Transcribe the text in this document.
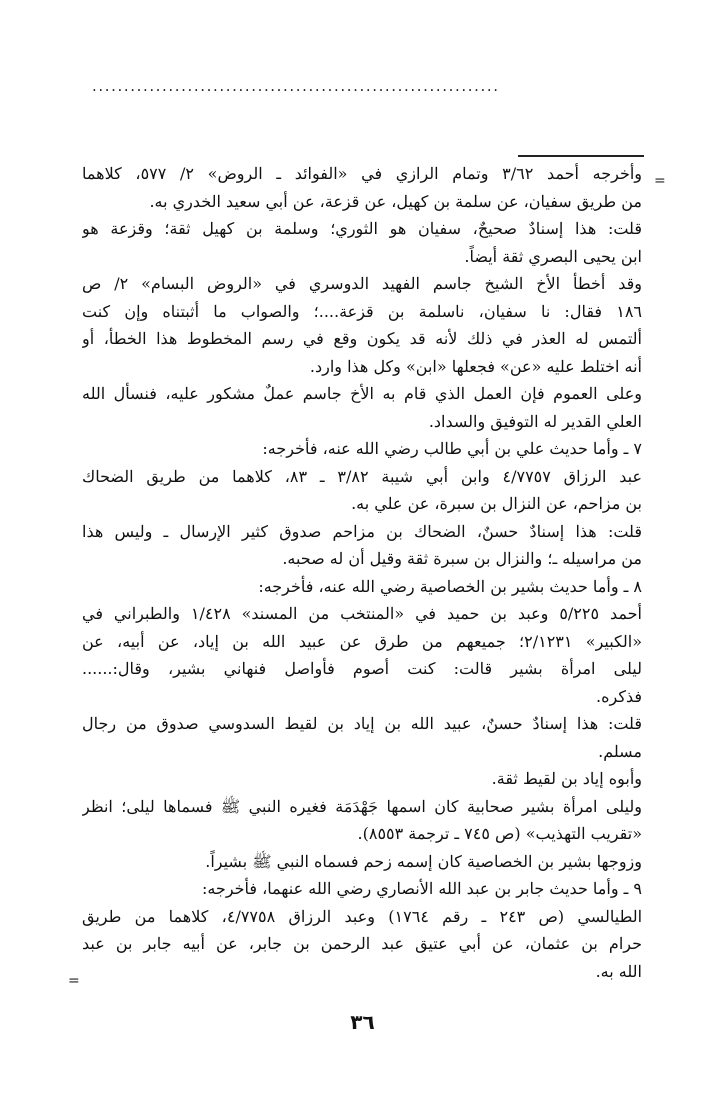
................................................................
=
وأخرجه أحمد ٣/٦٢ وتمام الرازي في «الفوائد ـ الروض» ٢/ ٥٧٧، كلاهما
من طريق سفيان، عن سلمة بن كهيل، عن قزعة، عن أبي سعيد الخدري به.
قلت: هذا إسنادٌ صحيحٌ، سفيان هو الثوري؛ وسلمة بن كهيل ثقة؛ وقزعة هو
ابن يحيى البصري ثقة أيضاً.
وقد أخطأ الأخ الشيخ جاسم الفهيد الدوسري في «الروض البسام» ٢/ ص
١٨٦ فقال: نا سفيان، ناسلمة بن قزعة....؛ والصواب ما أثبتناه وإن كنت
ألتمس له العذر في ذلك لأنه قد يكون وقع في رسم المخطوط هذا الخطأ، أو
أنه اختلط عليه «عن» فجعلها «ابن» وكل هذا وارد.
وعلى العموم فإن العمل الذي قام به الأخ جاسم عملٌ مشكور عليه، فنسأل الله
العلي القدير له التوفيق والسداد.
٧ ـ وأما حديث علي بن أبي طالب رضي الله عنه، فأخرجه:
عبد الرزاق ٤/٧٧٥٧ وابن أبي شيبة ٣/٨٢ ـ ٨٣، كلاهما من طريق الضحاك
بن مزاحم، عن النزال بن سبرة، عن علي به.
قلت: هذا إسنادٌ حسنٌ، الضحاك بن مزاحم صدوق كثير الإرسال ـ وليس هذا
من مراسيله ـ؛ والنزال بن سبرة ثقة وقيل أن له صحبه.
٨ ـ وأما حديث بشير بن الخصاصية رضي الله عنه، فأخرجه:
أحمد ٥/٢٢٥ وعبد بن حميد في «المنتخب من المسند» ١/٤٢٨ والطبراني في
«الكبير» ٢/١٢٣١؛ جميعهم من طرق عن عبيد الله بن إياد، عن أبيه، عن
ليلى امرأة بشير قالت: كنت أصوم فأواصل فنهاني بشير، وقال:......
فذكره.
قلت: هذا إسنادٌ حسنٌ، عبيد الله بن إياد بن لقيط السدوسي صدوق من رجال
مسلم.
وأبوه إياد بن لقيط ثقة.
وليلى امرأة بشير صحابية كان اسمها جَهْدَمَة فغيره النبي ﷺ فسماها ليلى؛ انظر
«تقريب التهذيب» (ص ٧٤٥ ـ ترجمة ٨٥٥٣).
وزوجها بشير بن الخصاصية كان إسمه زحم فسماه النبي ﷺ بشيراً.
٩ ـ وأما حديث جابر بن عبد الله الأنصاري رضي الله عنهما، فأخرجه:
الطيالسي (ص ٢٤٣ ـ رقم ١٧٦٤) وعبد الرزاق ٤/٧٧٥٨، كلاهما من طريق
حرام بن عثمان، عن أبي عتيق عبد الرحمن بن جابر، عن أبيه جابر بن عبد
الله به.
=
٣٦
